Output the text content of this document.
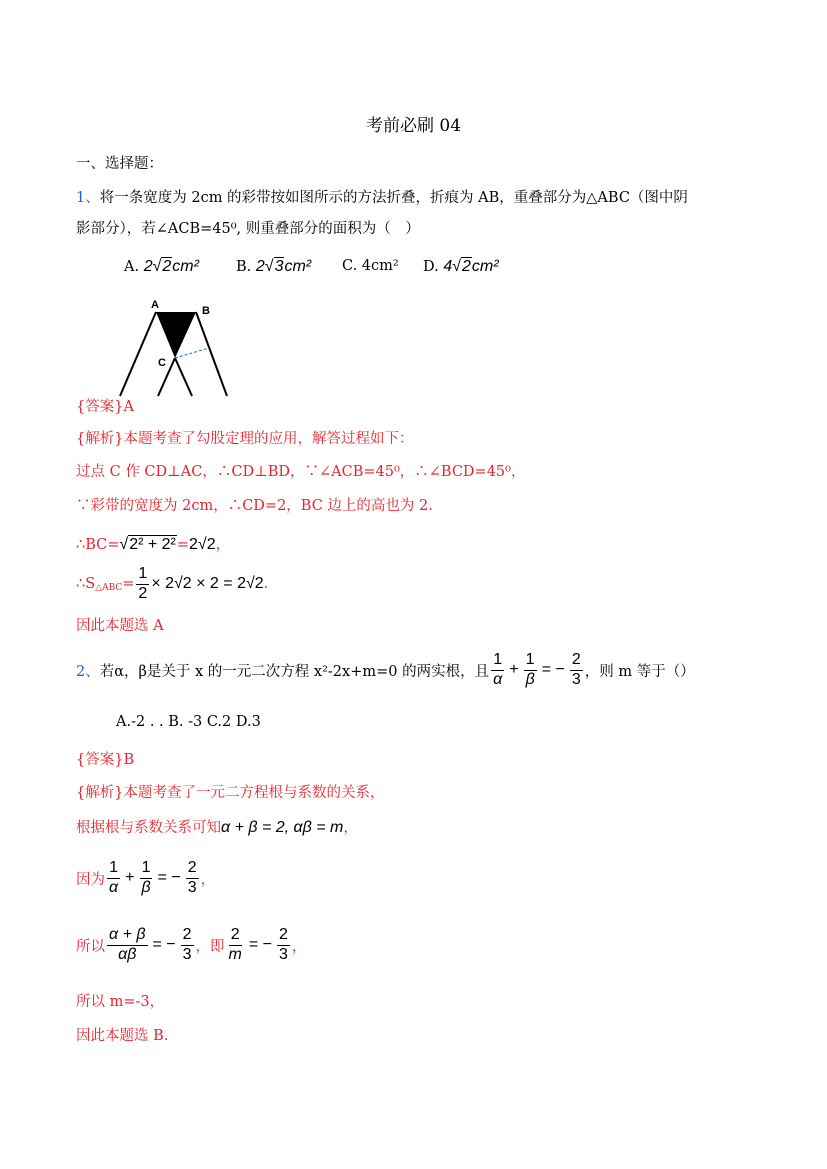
考前必刷 04
一、选择题：
1、将一条宽度为 2cm 的彩带按如图所示的方法折叠，折痕为 AB，重叠部分为△ABC（图中阴
影部分），若∠ACB=45⁰, 则重叠部分的面积为（　）
A. 2 √ 2 cm²	B. 2 √ 3 cm² C. 4cm² D. 4 √ 2 cm²
A	B
C
{答案}A
{解析}本题考查了勾股定理的应用，解答过程如下：
过点 C 作 CD⊥AC，∴CD⊥BD，∵∠ACB=45⁰，∴∠BCD=45⁰，
∵彩带的宽度为 2cm，∴CD=2，BC 边上的高也为 2.
∴BC= √ 2² + 2² =2√2，
$\therefore S_{\triangle ABC} = \frac{1}{2} \times 2√2 \times 2 = 2√2$ .
因此本题选 A
2、 若α，β是关于 x 的一元二次方程 x²-2x+m=0 的两实根，且 $\frac{1}{\alpha} + \frac{1}{\beta}$ = − $\frac{2}{3}$ ，则 m 等于（）
A.-2 . . B. -3 C.2 D.3
{答案}B
{解析}本题考查了一元二方程根与系数的关系，
根据根与系数关系可知α + β = 2, αβ = m，
因为 $\frac{1}{\alpha} + \frac{1}{\beta}$ = − $\frac{2}{3}$ ，
所以 $\frac{\alpha + \beta}{\alpha\beta}$ = − $\frac{2}{3}$ ，即 $\frac{2}{m}$ = − $\frac{2}{3}$ ，
所以 m=-3，
因此本题选 B.
